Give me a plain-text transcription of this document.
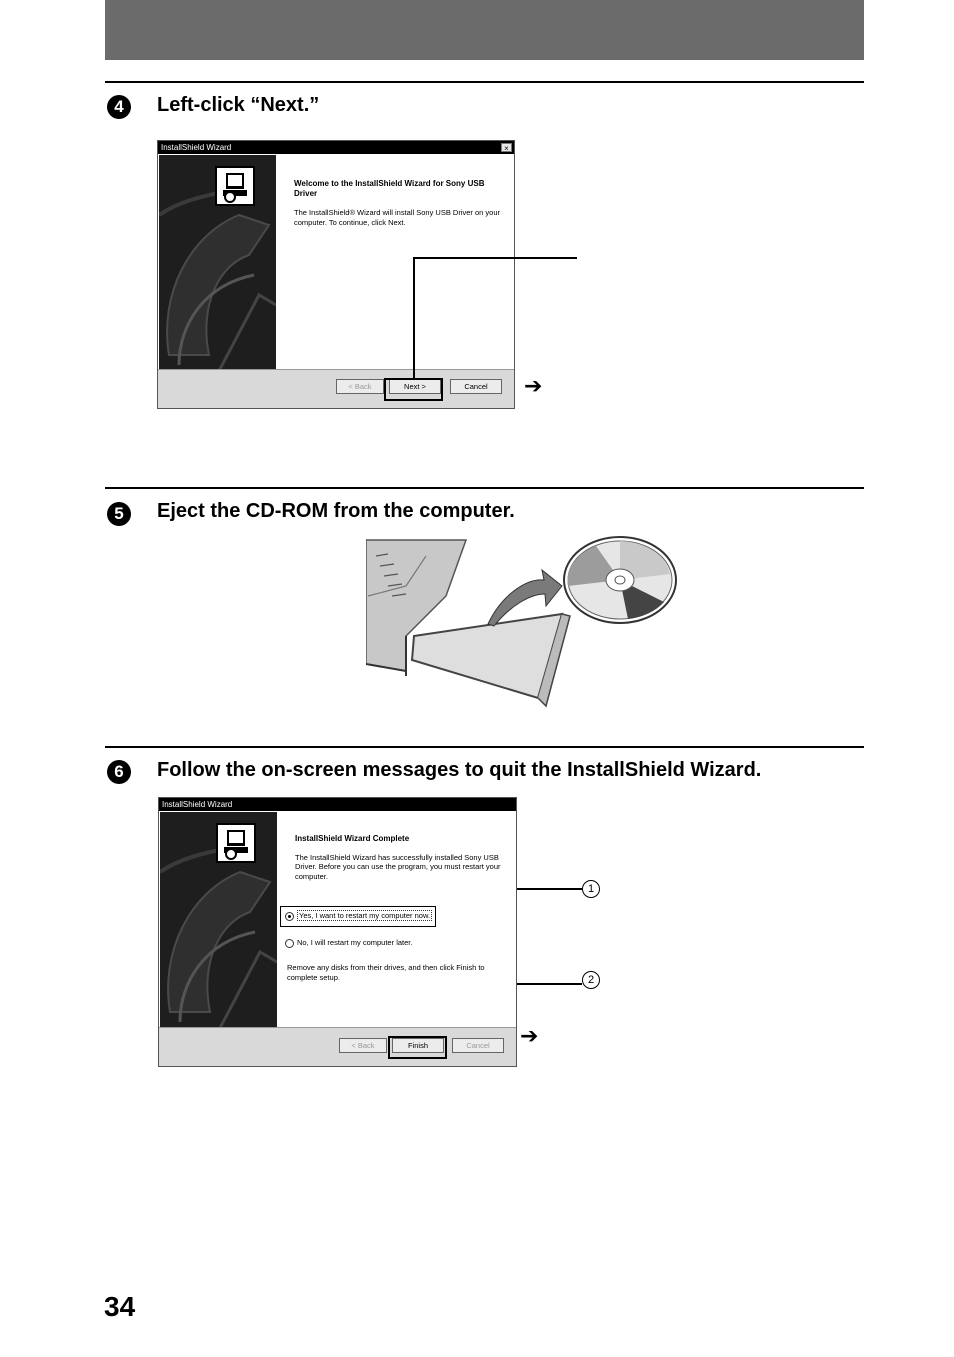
4	Left-click “Next.”
InstallShield Wizard	×
Welcome to the InstallShield Wizard for Sony USB Driver
The InstallShield® Wizard will install Sony USB Driver on your computer. To continue, click Next.
< Back	Next >	Cancel	➔
5	Eject the CD-ROM from the computer.
6	Follow the on-screen messages to quit the InstallShield Wizard.
InstallShield Wizard
InstallShield Wizard Complete
The InstallShield Wizard has successfully installed Sony USB Driver. Before you can use the program, you must restart your computer.
Yes, I want to restart my computer now.
No, I will restart my computer later.
Remove any disks from their drives, and then click Finish to complete setup.
< Back	Finish	Cancel
1
2
➔
34
